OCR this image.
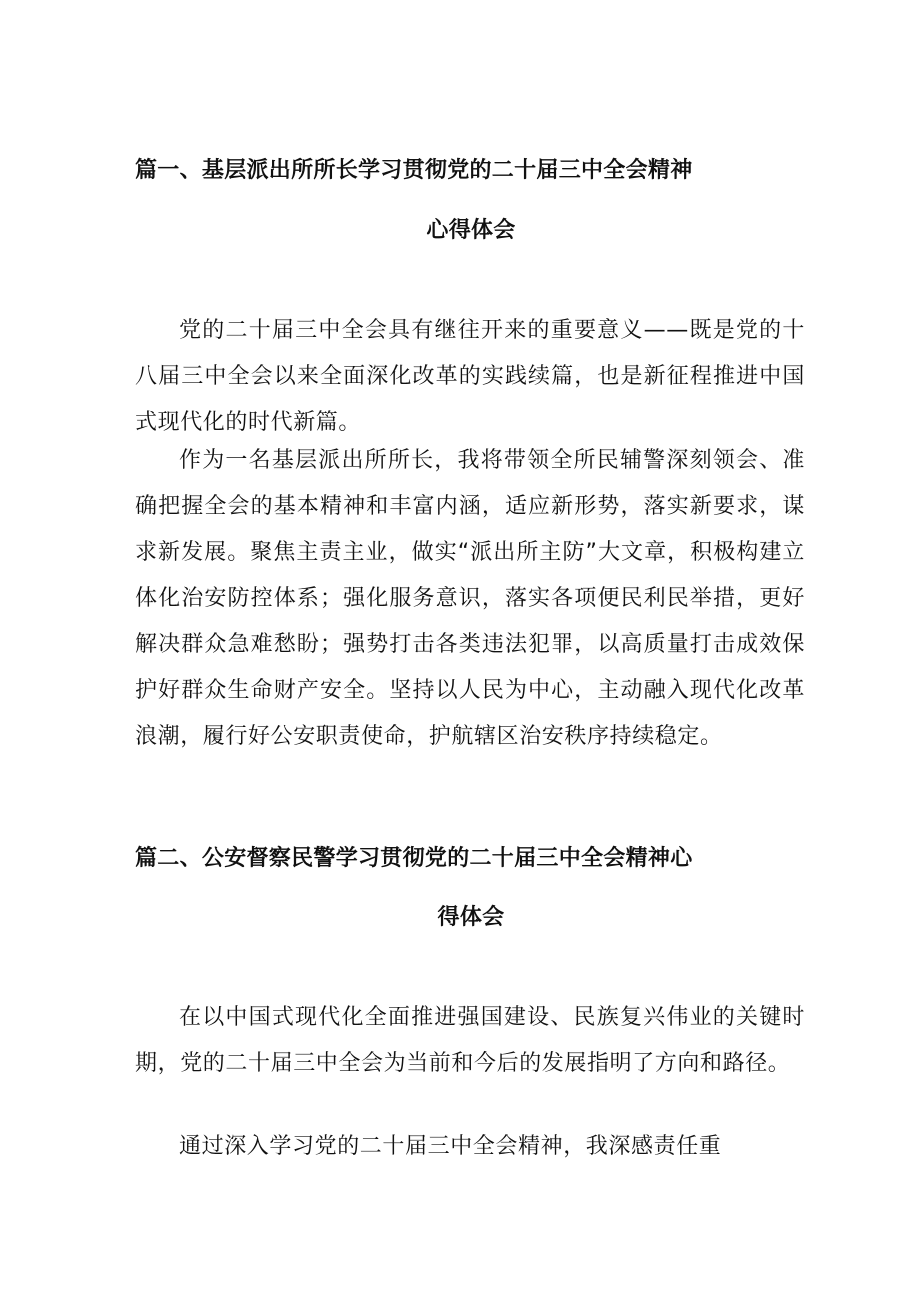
篇一、基层派出所所长学习贯彻党的二十届三中全会精神
心得体会

党的二十届三中全会具有继往开来的重要意义——既是党的十八届三中全会以来全面深化改革的实践续篇，也是新征程推进中国式现代化的时代新篇。

作为一名基层派出所所长，我将带领全所民辅警深刻领会、准确把握全会的基本精神和丰富内涵，适应新形势，落实新要求，谋求新发展。聚焦主责主业，做实“派出所主防”大文章，积极构建立体化治安防控体系；强化服务意识，落实各项便民利民举措，更好解决群众急难愁盼；强势打击各类违法犯罪，以高质量打击成效保护好群众生命财产安全。坚持以人民为中心，主动融入现代化改革浪潮，履行好公安职责使命，护航辖区治安秩序持续稳定。

篇二、公安督察民警学习贯彻党的二十届三中全会精神心
得体会

在以中国式现代化全面推进强国建设、民族复兴伟业的关键时期，党的二十届三中全会为当前和今后的发展指明了方向和路径。

通过深入学习党的二十届三中全会精神，我深感责任重
